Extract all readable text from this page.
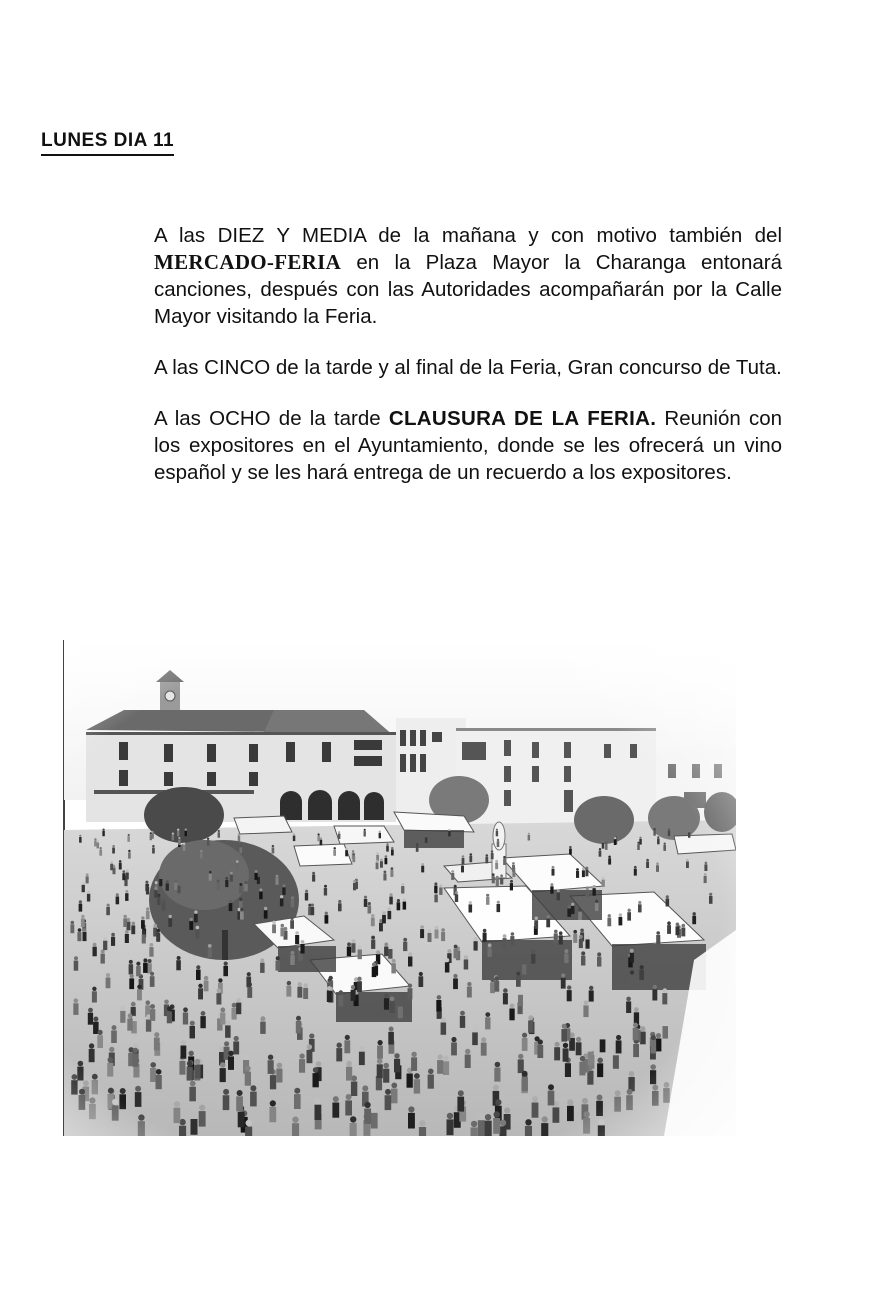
LUNES DIA 11

A las DIEZ Y MEDIA de la mañana y con motivo también del MERCADO-FERIA en la Plaza Mayor la Charanga entonará canciones, después con las Autoridades acompañarán por la Calle Mayor visitando la Feria.

A las CINCO de la tarde y al final de la Feria, Gran concurso de Tuta.

A las OCHO de la tarde CLAUSURA DE LA FERIA. Reunión con los expositores en el Ayuntamiento, donde se les ofrecerá un vino español y se les hará entrega de un recuerdo a los expositores.
